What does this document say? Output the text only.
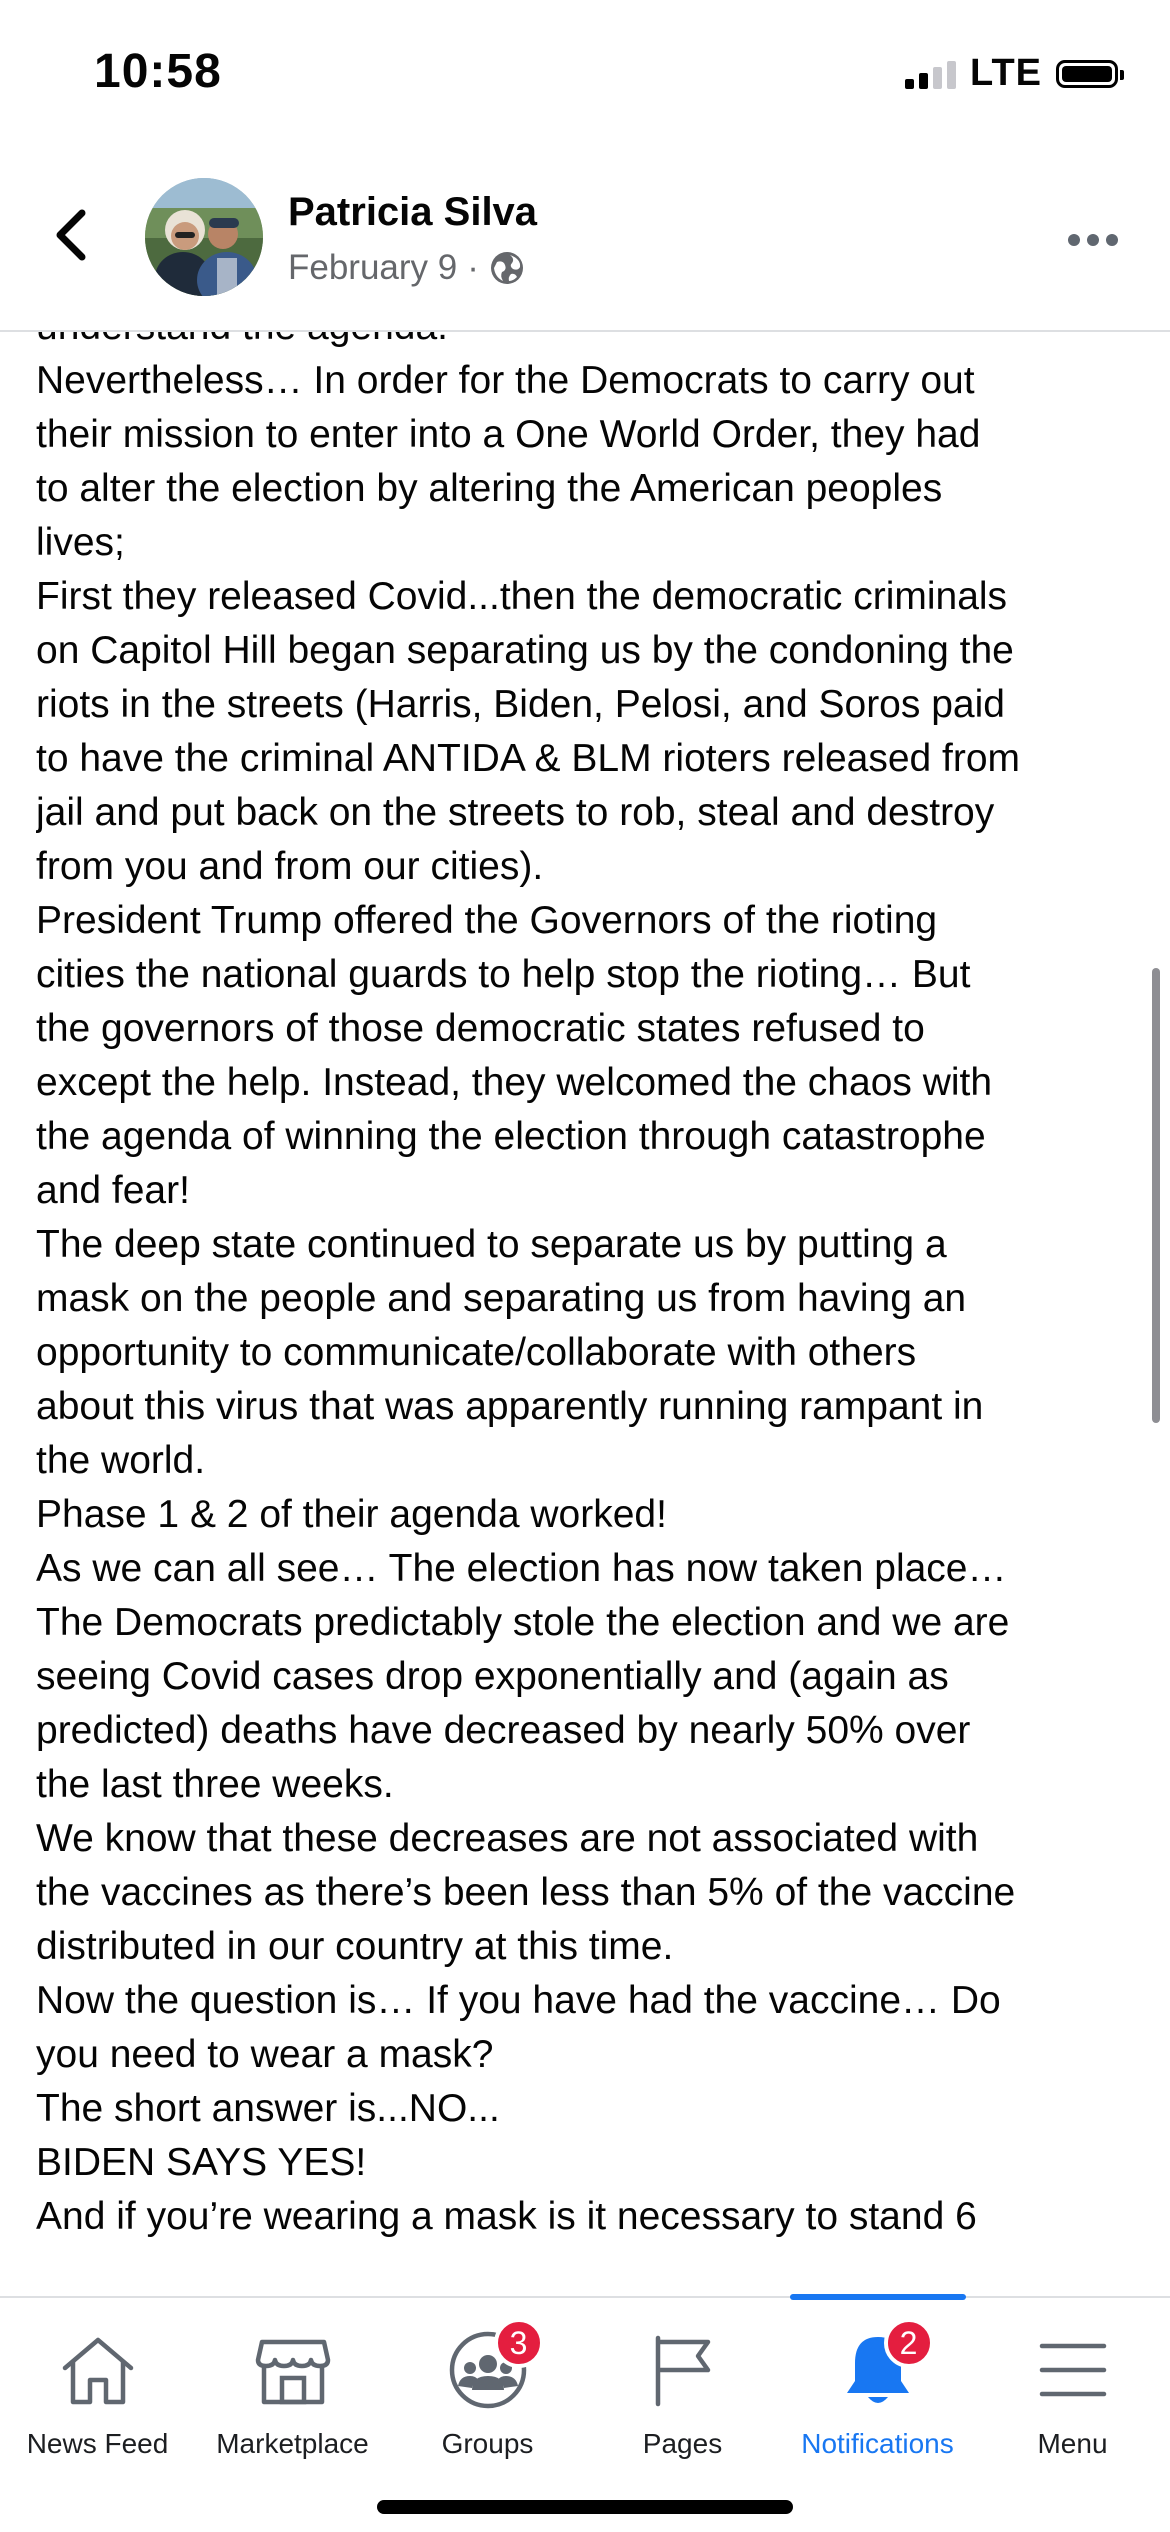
10:58	LTE
Patricia Silva
February 9 ·
Nevertheless… In order for the Democrats to carry out
their mission to enter into a One World Order, they had
to alter the election by altering the American peoples
lives;
First they released Covid...then the democratic criminals
on Capitol Hill began separating us by the condoning the
riots in the streets (Harris, Biden, Pelosi, and Soros paid
to have the criminal ANTIDA & BLM rioters released from
jail and put back on the streets to rob, steal and destroy
from you and from our cities).
President Trump offered the Governors of the rioting
cities the national guards to help stop the rioting… But
the governors of those democratic states refused to
except the help. Instead, they welcomed the chaos with
the agenda of winning the election through catastrophe
and fear!
The deep state continued to separate us by putting a
mask on the people and separating us from having an
opportunity to communicate/collaborate with others
about this virus that was apparently running rampant in
the world.
Phase 1 & 2 of their agenda worked!
As we can all see… The election has now taken place…
The Democrats predictably stole the election and we are
seeing Covid cases drop exponentially and (again as
predicted) deaths have decreased by nearly 50% over
the last three weeks.
We know that these decreases are not associated with
the vaccines as there’s been less than 5% of the vaccine
distributed in our country at this time.
Now the question is… If you have had the vaccine… Do
you need to wear a mask?
The short answer is...NO...
BIDEN SAYS YES!
And if you’re wearing a mask is it necessary to stand 6
News Feed Marketplace
3
Groups	Pages
2
Notifications	Menu
